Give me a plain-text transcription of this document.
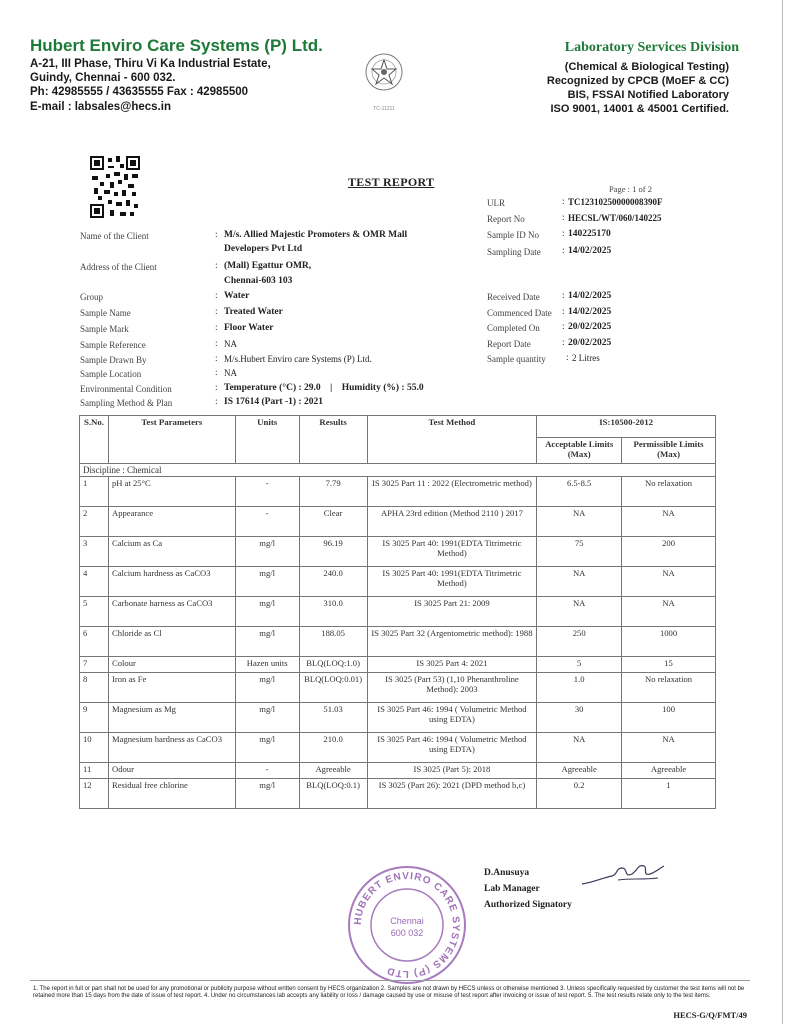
Hubert Enviro Care Systems (P) Ltd.
A-21, III Phase, Thiru Vi Ka Industrial Estate,
Guindy, Chennai - 600 032.
Ph: 42985555 / 43635555 Fax : 42985500
E-mail : labsales@hecs.in	TC-11211
Laboratory Services Division
(Chemical & Biological Testing)
Recognized by CPCB (MoEF & CC)
BIS, FSSAI Notified Laboratory
ISO 9001, 14001 & 45001 Certified.
TEST REPORT	Page : 1 of 2
ULR	: TC12310250000008390F
Report No	: HECSL/WT/060/140225
Sample ID No : 140225170
Sampling Date : 14/02/2025
Name of the Client	: M/s. Allied Majestic Promoters & OMR Mall
Developers Pvt Ltd
Address of the Client	: (Mall) Egattur OMR,
Chennai-603 103
Group	: Water
Sample Name	: Treated Water
Sample Mark	: Floor Water
Sample Reference	: NA
Sample Drawn By	: M/s.Hubert Enviro care Systems (P) Ltd.
Sample Location	: NA
Environmental Condition	: Temperature (°C) : 29.0    |    Humidity (%) : 55.0
Sampling Method & Plan	: IS 17614 (Part -1) : 2021
Received Date : 14/02/2025
Commenced Date : 14/02/2025
Completed On : 20/02/2025
Report Date	: 20/02/2025
Sample quantity : 2 Litres
S.No.	Test Parameters	Units	Results	Test Method	IS:10500-2012	
					Acceptable Limits (Max)	Permissible Limits (Max)
Discipline : Chemical						
1	pH at 25°C	-	7.79	IS 3025 Part 11 : 2022 (Electrometric method)	6.5-8.5	No relaxation
2	Appearance	-	Clear	APHA 23rd edition (Method 2110 ) 2017	NA	NA
3	Calcium as Ca	mg/l	96.19	IS 3025 Part 40: 1991(EDTA Titrimetric Method)	75	200
4	Calcium hardness as CaCO3	mg/l	240.0	IS 3025 Part 40: 1991(EDTA Titrimetric Method)	NA	NA
5	Carbonate harness as CaCO3	mg/l	310.0	IS 3025 Part 21: 2009	NA	NA
6	Chloride as Cl	mg/l	188.05	IS 3025 Part 32 (Argentometric method): 1988	250	1000
7	Colour	Hazen units	BLQ(LOQ:1.0)	IS 3025 Part 4: 2021	5	15
8	Iron as Fe	mg/l	BLQ(LOQ:0.01)	IS 3025 (Part 53) (1,10 Phenanthroline Method): 2003	1.0	No relaxation
9	Magnesium as Mg	mg/l	51.03	IS 3025 Part 46: 1994 ( Volumetric Method using EDTA)	30	100
10	Magnesium hardness as CaCO3	mg/l	210.0	IS 3025 Part 46: 1994 ( Volumetric Method using EDTA)	NA	NA
11	Odour	-	Agreeable	IS 3025 (Part 5): 2018	Agreeable	Agreeable
12	Residual free chlorine	mg/l	BLQ(LOQ:0.1)	IS 3025 (Part 26): 2021 (DPD method b,c)	0.2	1
HUBERT ENVIRO CARE SYSTEMS (P) LTD
Chennai
600 032
D.Anusuya
Lab Manager
Authorized Signatory
1. The report in full or part shall not be used for any promotional or publicity purpose without written consent by HECS organization 2. Samples are not drawn by HECS unless or otherwise mentioned 3. Unless specifically requested by customer the test items will not be retained more than 15 days from the date of issue of test report. 4. Under no circumstances lab accepts any liability or loss / damage caused by use or misuse of test report after invoicing or issue of test report. 5. The test results relate only to the test items.
HECS-G/Q/FMT/49
